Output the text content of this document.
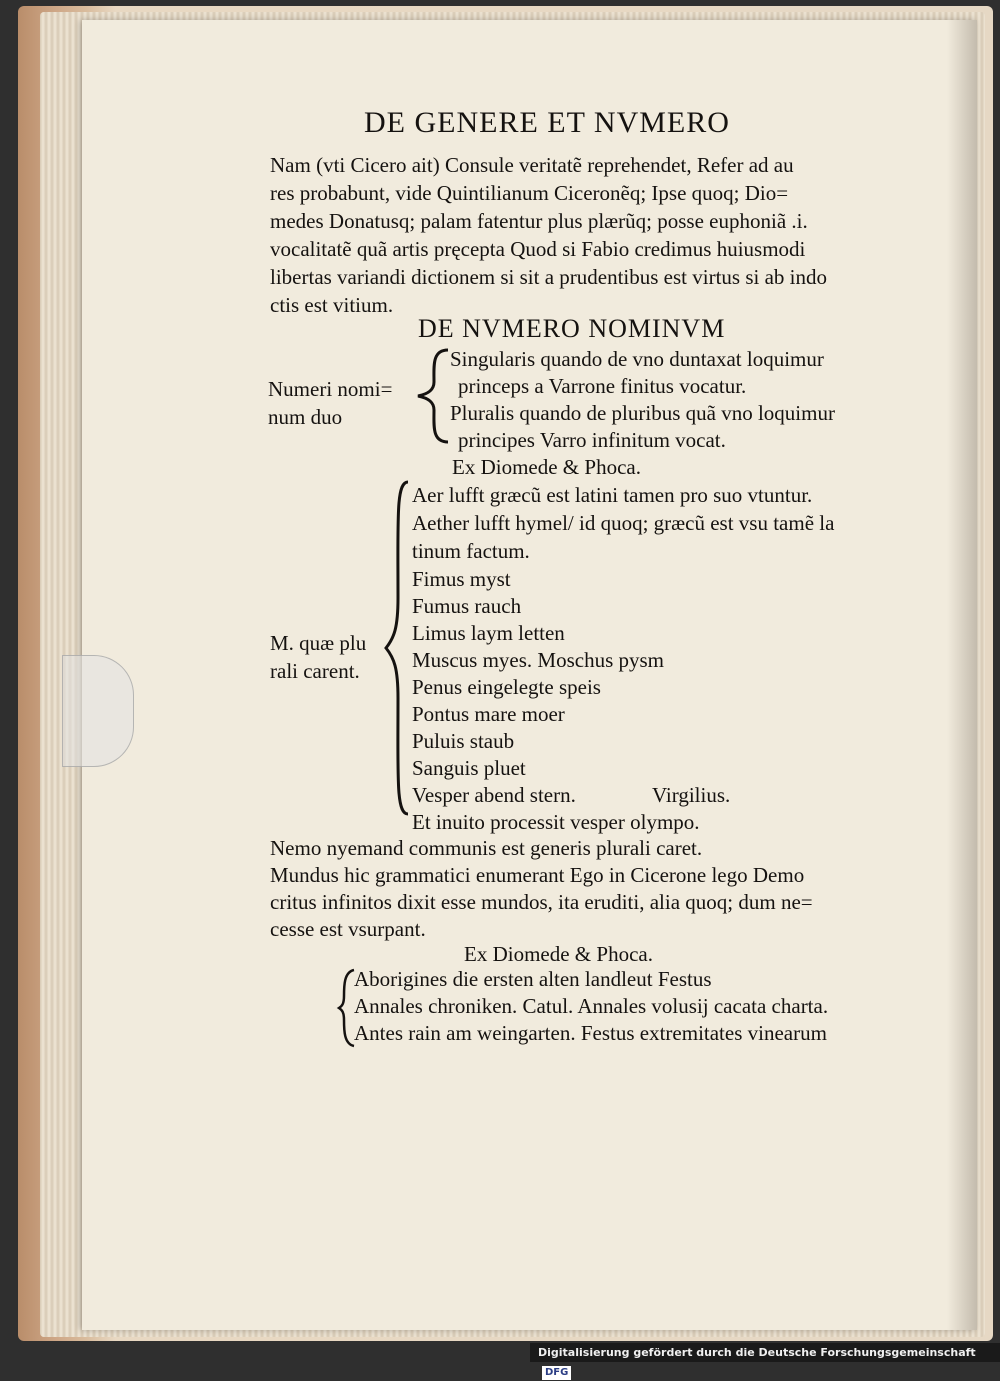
DE GENERE ET NVMERO
Nam (vti Cicero ait) Consule veritatẽ reprehendet, Refer ad au
res probabunt, vide Quintilianum Ciceronẽq; Ipse quoq; Dio=
medes Donatusq; palam fatentur plus plærũq; posse euphoniã .i.
vocalitatẽ quã artis pręcepta Quod si Fabio credimus huiusmodi
libertas variandi dictionem si sit a prudentibus est virtus si ab indo
ctis est vitium.
DE NVMERO NOMINVM
Numeri nomi=
num duo
Singularis quando de vno duntaxat loquimur
princeps a Varrone finitus vocatur.
Pluralis quando de pluribus quã vno loquimur
principes Varro infinitum vocat.
Ex Diomede & Phoca.
M. quæ plu
rali carent.
Aer lufft græcũ est latini tamen pro suo vtuntur.
Aether lufft hymel/ id quoq; græcũ est vsu tamẽ la
tinum factum.
Fimus myst
Fumus rauch
Limus laym letten
Muscus myes. Moschus pysm
Penus eingelegte speis
Pontus mare moer
Puluis staub
Sanguis pluet
Vesper abend stern.	Virgilius.
Et inuito processit vesper olympo.
Nemo nyemand communis est generis plurali caret.
Mundus hic grammatici enumerant Ego in Cicerone lego Demo
critus infinitos dixit esse mundos, ita eruditi, alia quoq; dum ne=
cesse est vsurpant.
Ex Diomede & Phoca.
Aborigines die ersten alten landleut Festus
Annales chroniken. Catul. Annales volusij cacata charta.
Antes rain am weingarten. Festus extremitates vinearum
Digitalisierung gefördert durch die Deutsche Forschungsgemeinschaft DFG
